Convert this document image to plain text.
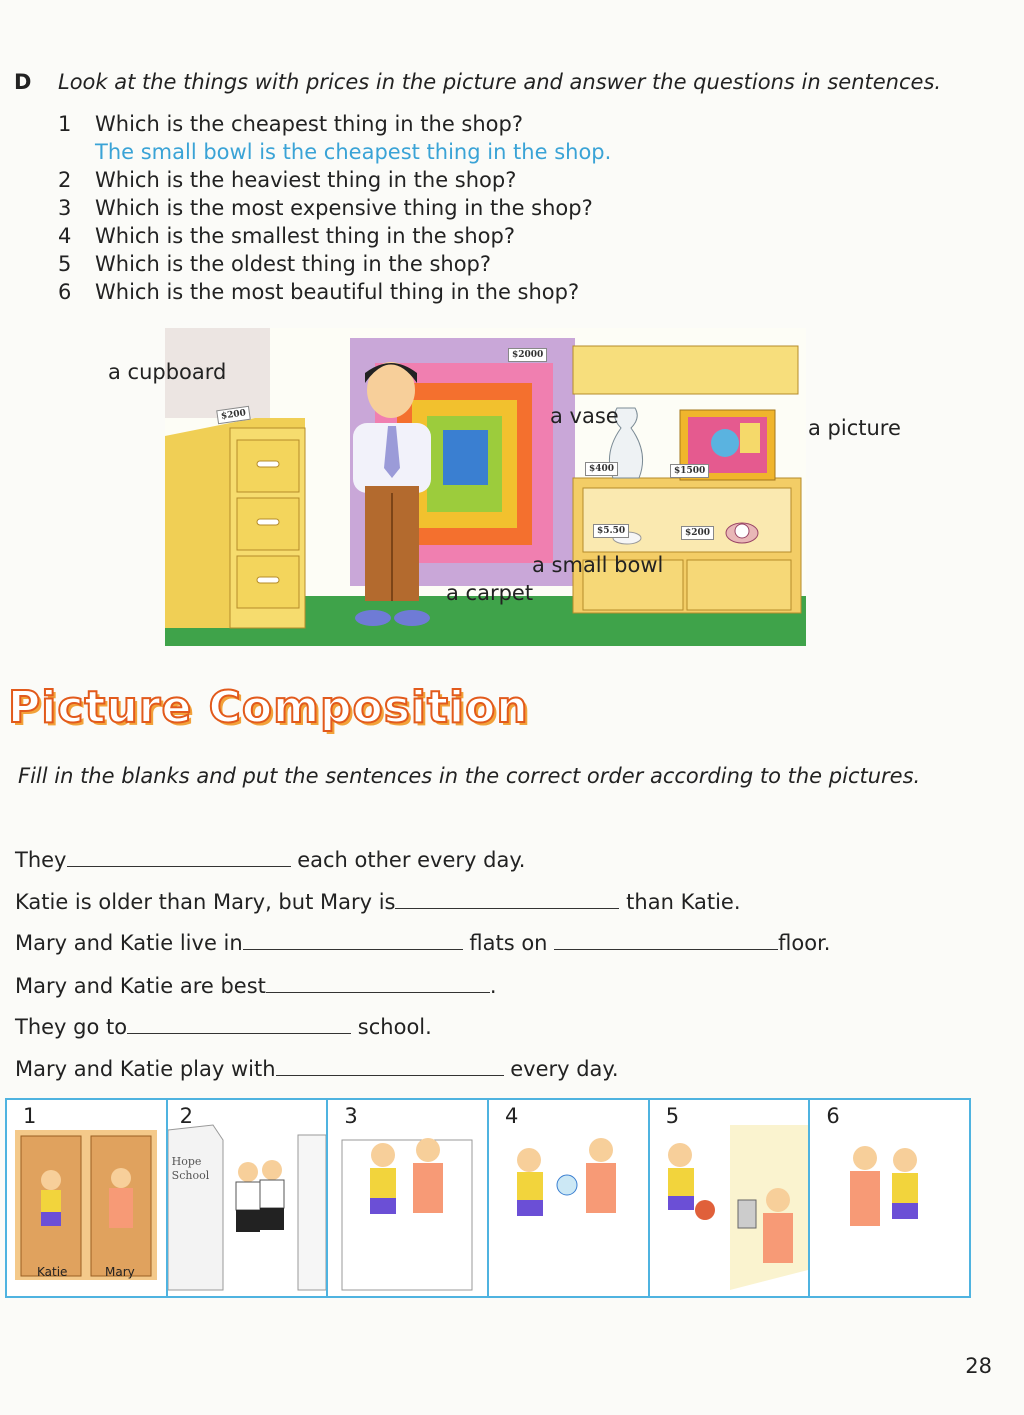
D Look at the things with prices in the picture and answer the questions in sentences.
1	Which is the cheapest thing in the shop?
The small bowl is the cheapest thing in the shop.
2	Which is the heaviest thing in the shop?
3	Which is the most expensive thing in the shop?
4	Which is the smallest thing in the shop?
5	Which is the oldest thing in the shop?
6	Which is the most beautiful thing in the shop?
$200
$2000
$400	$1500
$5.50	$200
a cupboard
a vase	a picture
a small bowl
a carpet
Picture Composition
Fill in the blanks and put the sentences in the correct order according to the pictures.
They	each other every day.
Katie is older than Mary, but Mary is	than Katie.
Mary and Katie live in	flats on	floor.
Mary and Katie are best	.
They go to	school.
Mary and Katie play with	every day.
1
Katie	Mary
2
Hope School
3	4	5	6
28
